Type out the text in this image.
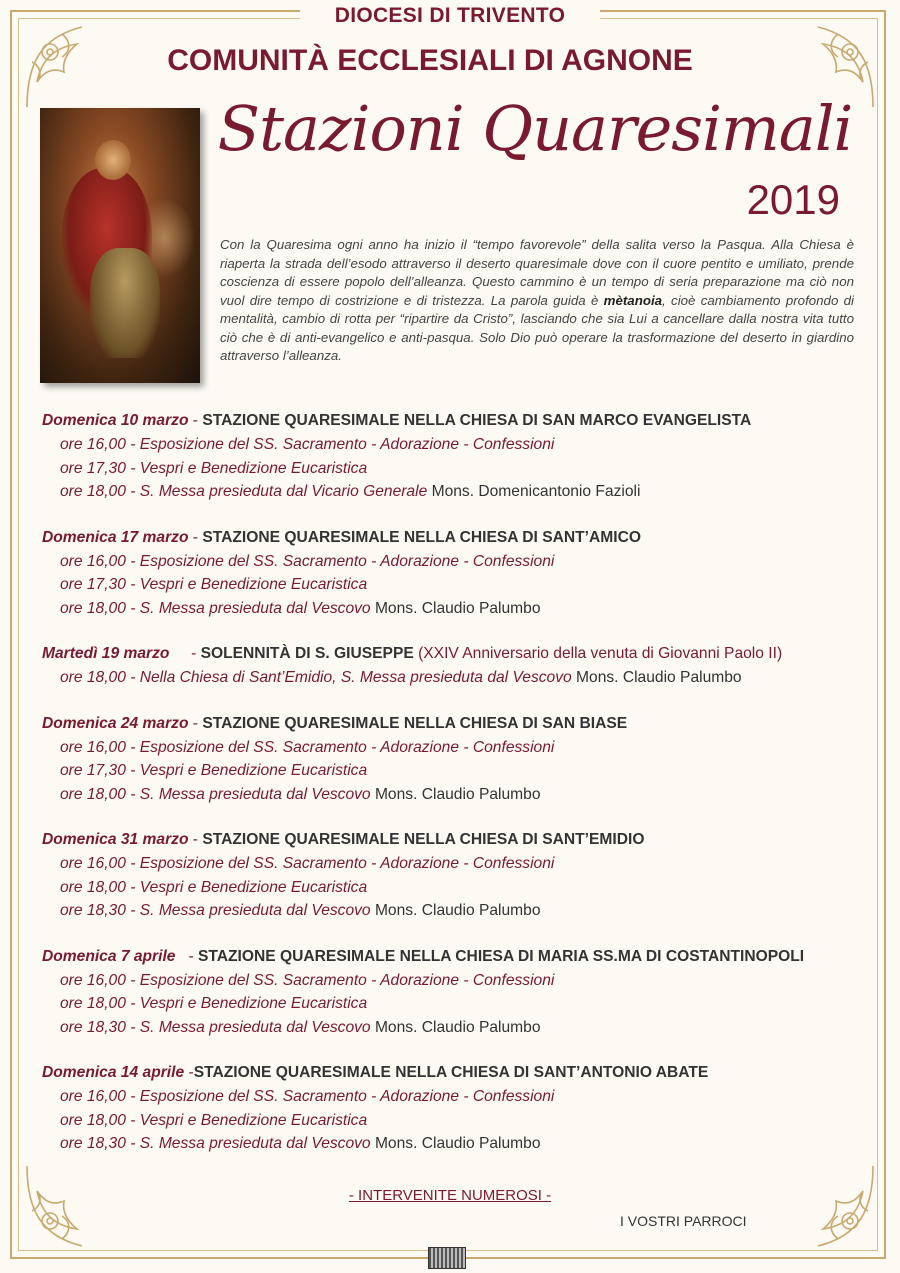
DIOCESI DI TRIVENTO
COMUNITÀ ECCLESIALI DI AGNONE
Stazioni Quaresimali
2019
Con la Quaresima ogni anno ha inizio il “tempo favorevole” della salita verso la Pasqua. Alla Chiesa è riaperta la strada dell’esodo attraverso il deserto quaresimale dove con il cuore pentito e umiliato, prende coscienza di essere popolo dell’alleanza. Questo cammino è un tempo di seria preparazione ma ciò non vuol dire tempo di costrizione e di tristezza. La parola guida è mètanoia, cioè cambiamento profondo di mentalità, cambio di rotta per “ripartire da Cristo”, lasciando che sia Lui a cancellare dalla nostra vita tutto ciò che è di anti-evangelico e anti-pasqua. Solo Dio può operare la trasformazione del deserto in giardino attraverso l’alleanza.
Domenica 10 marzo - STAZIONE QUARESIMALE NELLA CHIESA DI SAN MARCO EVANGELISTA
ore 16,00 - Esposizione del SS. Sacramento - Adorazione - Confessioni
ore 17,30 - Vespri e Benedizione Eucaristica
ore 18,00 - S. Messa presieduta dal Vicario Generale Mons. Domenicantonio Fazioli
Domenica 17 marzo - STAZIONE QUARESIMALE NELLA CHIESA DI SANT’AMICO
ore 16,00 - Esposizione del SS. Sacramento - Adorazione - Confessioni
ore 17,30 - Vespri e Benedizione Eucaristica
ore 18,00 - S. Messa presieduta dal Vescovo Mons. Claudio Palumbo
Martedì 19 marzo     - SOLENNITÀ DI S. GIUSEPPE (XXIV Anniversario della venuta di Giovanni Paolo II)
ore 18,00 - Nella Chiesa di Sant’Emidio, S. Messa presieduta dal Vescovo Mons. Claudio Palumbo
Domenica 24 marzo - STAZIONE QUARESIMALE NELLA CHIESA DI SAN BIASE
ore 16,00 - Esposizione del SS. Sacramento - Adorazione - Confessioni
ore 17,30 - Vespri e Benedizione Eucaristica
ore 18,00 - S. Messa presieduta dal Vescovo Mons. Claudio Palumbo
Domenica 31 marzo - STAZIONE QUARESIMALE NELLA CHIESA DI SANT’EMIDIO
ore 16,00 - Esposizione del SS. Sacramento - Adorazione - Confessioni
ore 18,00 - Vespri e Benedizione Eucaristica
ore 18,30 - S. Messa presieduta dal Vescovo Mons. Claudio Palumbo
Domenica 7 aprile   - STAZIONE QUARESIMALE NELLA CHIESA DI MARIA SS.MA DI COSTANTINOPOLI
ore 16,00 - Esposizione del SS. Sacramento - Adorazione - Confessioni
ore 18,00 - Vespri e Benedizione Eucaristica
ore 18,30 - S. Messa presieduta dal Vescovo Mons. Claudio Palumbo
Domenica 14 aprile -STAZIONE QUARESIMALE NELLA CHIESA DI SANT’ANTONIO ABATE
ore 16,00 - Esposizione del SS. Sacramento - Adorazione - Confessioni
ore 18,00 - Vespri e Benedizione Eucaristica
ore 18,30 - S. Messa presieduta dal Vescovo Mons. Claudio Palumbo
- INTERVENITE NUMEROSI -
I VOSTRI PARROCI
